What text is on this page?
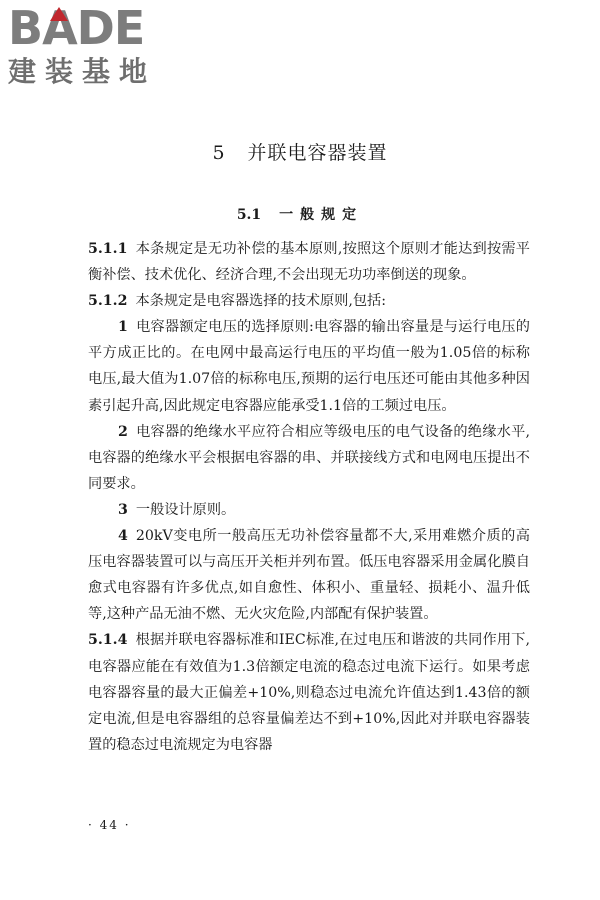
B A D E
建装基地
5 并联电容器装置
5.1 一般规定

5.1.1 本条规定是无功补偿的基本原则,按照这个原则才能达到按需平衡补偿、技术优化、经济合理,不会出现无功功率倒送的现象。

5.1.2 本条规定是电容器选择的技术原则,包括:

1 电容器额定电压的选择原则:电容器的输出容量是与运行电压的平方成正比的。在电网中最高运行电压的平均值一般为1.05倍的标称电压,最大值为1.07倍的标称电压,预期的运行电压还可能由其他多种因素引起升高,因此规定电容器应能承受1.1倍的工频过电压。

2 电容器的绝缘水平应符合相应等级电压的电气设备的绝缘水平,电容器的绝缘水平会根据电容器的串、并联接线方式和电网电压提出不同要求。

3 一般设计原则。

4 20kV变电所一般高压无功补偿容量都不大,采用难燃介质的高压电容器装置可以与高压开关柜并列布置。低压电容器采用金属化膜自愈式电容器有许多优点,如自愈性、体积小、重量轻、损耗小、温升低等,这种产品无油不燃、无火灾危险,内部配有保护装置。

5.1.4 根据并联电容器标准和IEC标准,在过电压和谐波的共同作用下,电容器应能在有效值为1.3倍额定电流的稳态过电流下运行。如果考虑电容器容量的最大正偏差+10%,则稳态过电流允许值达到1.43倍的额定电流,但是电容器组的总容量偏差达不到+10%,因此对并联电容器装置的稳态过电流规定为电容器

· 44 ·
